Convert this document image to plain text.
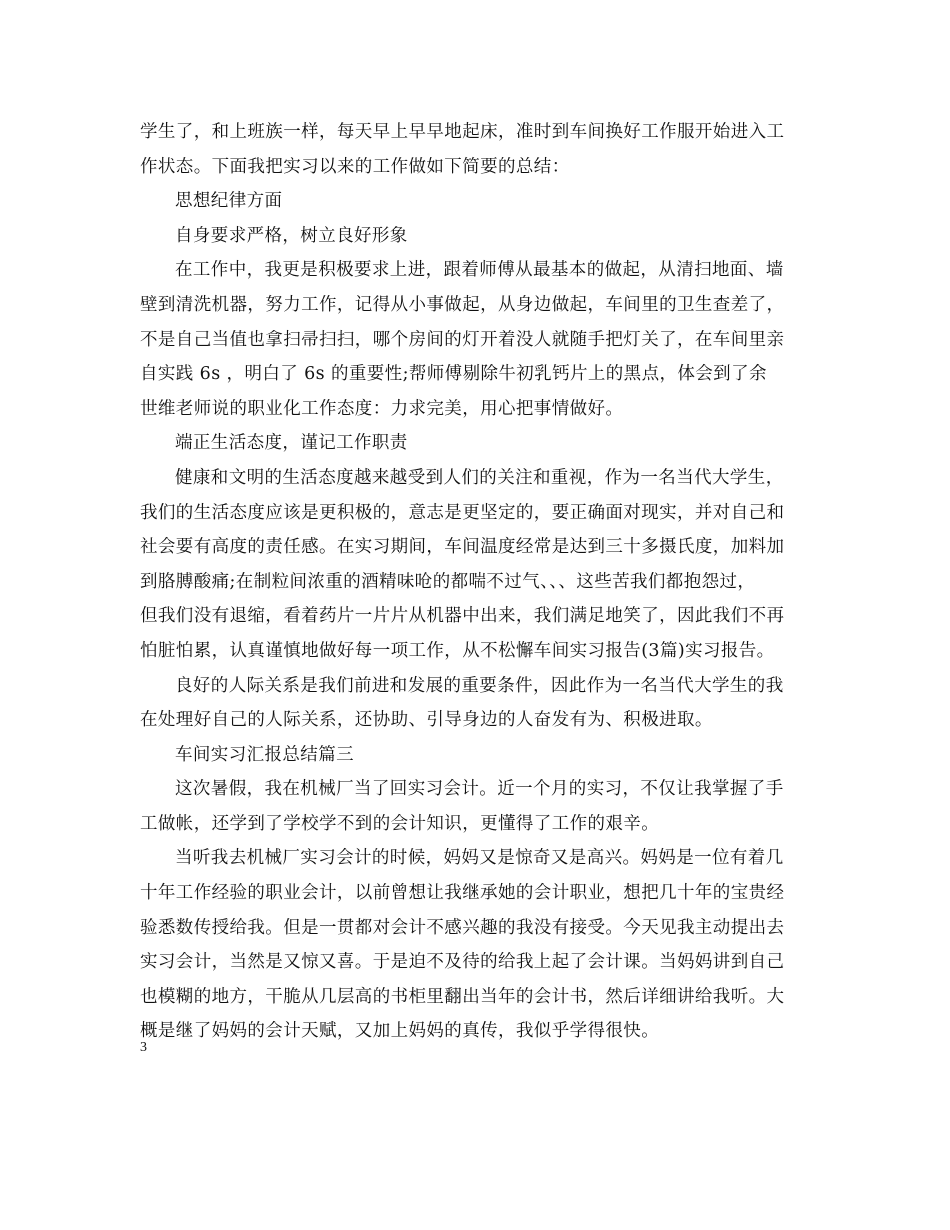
学生了，和上班族一样，每天早上早早地起床，准时到车间换好工作服开始进入工
作状态。下面我把实习以来的工作做如下简要的总结：
思想纪律方面
自身要求严格，树立良好形象
在工作中，我更是积极要求上进，跟着师傅从最基本的做起，从清扫地面、墙
壁到清洗机器，努力工作，记得从小事做起，从身边做起，车间里的卫生查差了，
不是自己当值也拿扫帚扫扫，哪个房间的灯开着没人就随手把灯关了，在车间里亲
自实践 6s ，明白了 6s 的重要性;帮师傅剔除牛初乳钙片上的黑点，体会到了余
世维老师说的职业化工作态度：力求完美，用心把事情做好。
端正生活态度，谨记工作职责
健康和文明的生活态度越来越受到人们的关注和重视，作为一名当代大学生，
我们的生活态度应该是更积极的，意志是更坚定的，要正确面对现实，并对自己和
社会要有高度的责任感。在实习期间，车间温度经常是达到三十多摄氏度，加料加
到胳膊酸痛;在制粒间浓重的酒精味呛的都喘不过气、、、这些苦我们都抱怨过，
但我们没有退缩，看着药片一片片从机器中出来，我们满足地笑了，因此我们不再
怕脏怕累，认真谨慎地做好每一项工作，从不松懈车间实习报告(3篇)实习报告。
良好的人际关系是我们前进和发展的重要条件，因此作为一名当代大学生的我
在处理好自己的人际关系，还协助、引导身边的人奋发有为、积极进取。
车间实习汇报总结篇三
这次暑假，我在机械厂当了回实习会计。近一个月的实习，不仅让我掌握了手
工做帐，还学到了学校学不到的会计知识，更懂得了工作的艰辛。
当听我去机械厂实习会计的时候，妈妈又是惊奇又是高兴。妈妈是一位有着几
十年工作经验的职业会计，以前曾想让我继承她的会计职业，想把几十年的宝贵经
验悉数传授给我。但是一贯都对会计不感兴趣的我没有接受。今天见我主动提出去
实习会计，当然是又惊又喜。于是迫不及待的给我上起了会计课。当妈妈讲到自己
也模糊的地方，干脆从几层高的书柜里翻出当年的会计书，然后详细讲给我听。大
概是继了妈妈的会计天赋，又加上妈妈的真传，我似乎学得很快。
3
